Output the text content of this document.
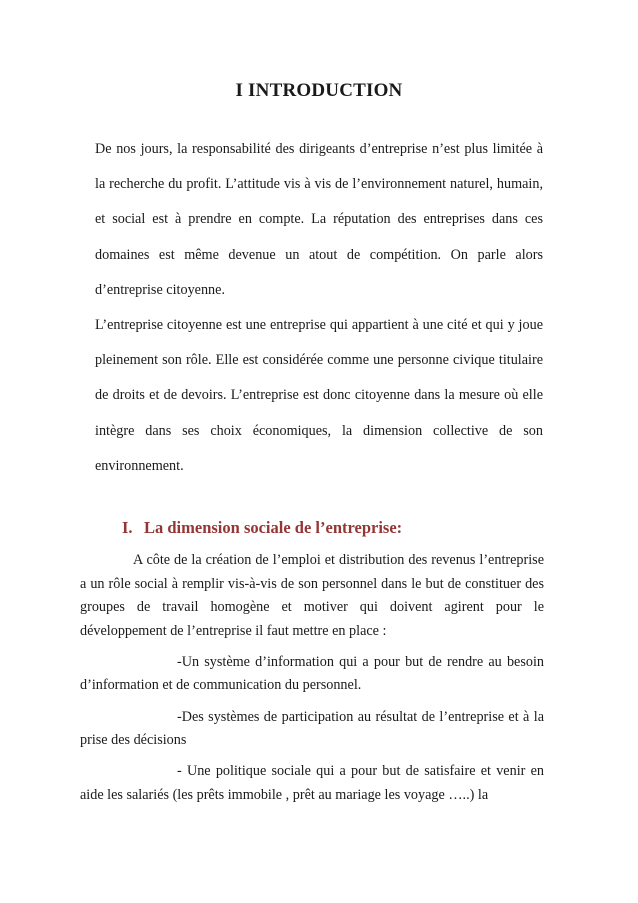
I INTRODUCTION

De nos jours, la responsabilité des dirigeants d’entreprise n’est plus limitée à la recherche du profit. L’attitude vis à vis de l’environnement naturel, humain, et social est à prendre en compte. La réputation des entreprises dans ces domaines est même devenue un atout de compétition. On parle alors d’entreprise citoyenne.

L’entreprise citoyenne est une entreprise qui appartient à une cité et qui y joue pleinement son rôle. Elle est considérée comme une personne civique titulaire de droits et de devoirs. L’entreprise est donc citoyenne dans la mesure où elle intègre dans ses choix économiques, la dimension collective de son environnement.

I. La dimension sociale de l’entreprise:

A côte de la création de l’emploi et distribution des revenus l’entreprise a un rôle social à remplir vis-à-vis de son personnel dans le but de constituer des groupes de travail homogène et motiver qui doivent agirent pour le développement de l’entreprise il faut mettre en place :

-Un système d’information qui a pour but de rendre au besoin d’information et de communication du personnel.

-Des systèmes de participation au résultat de l’entreprise et à la prise des décisions

- Une politique sociale qui a pour but de satisfaire et venir en aide les salariés (les prêts immobile , prêt au mariage les voyage …..) la
